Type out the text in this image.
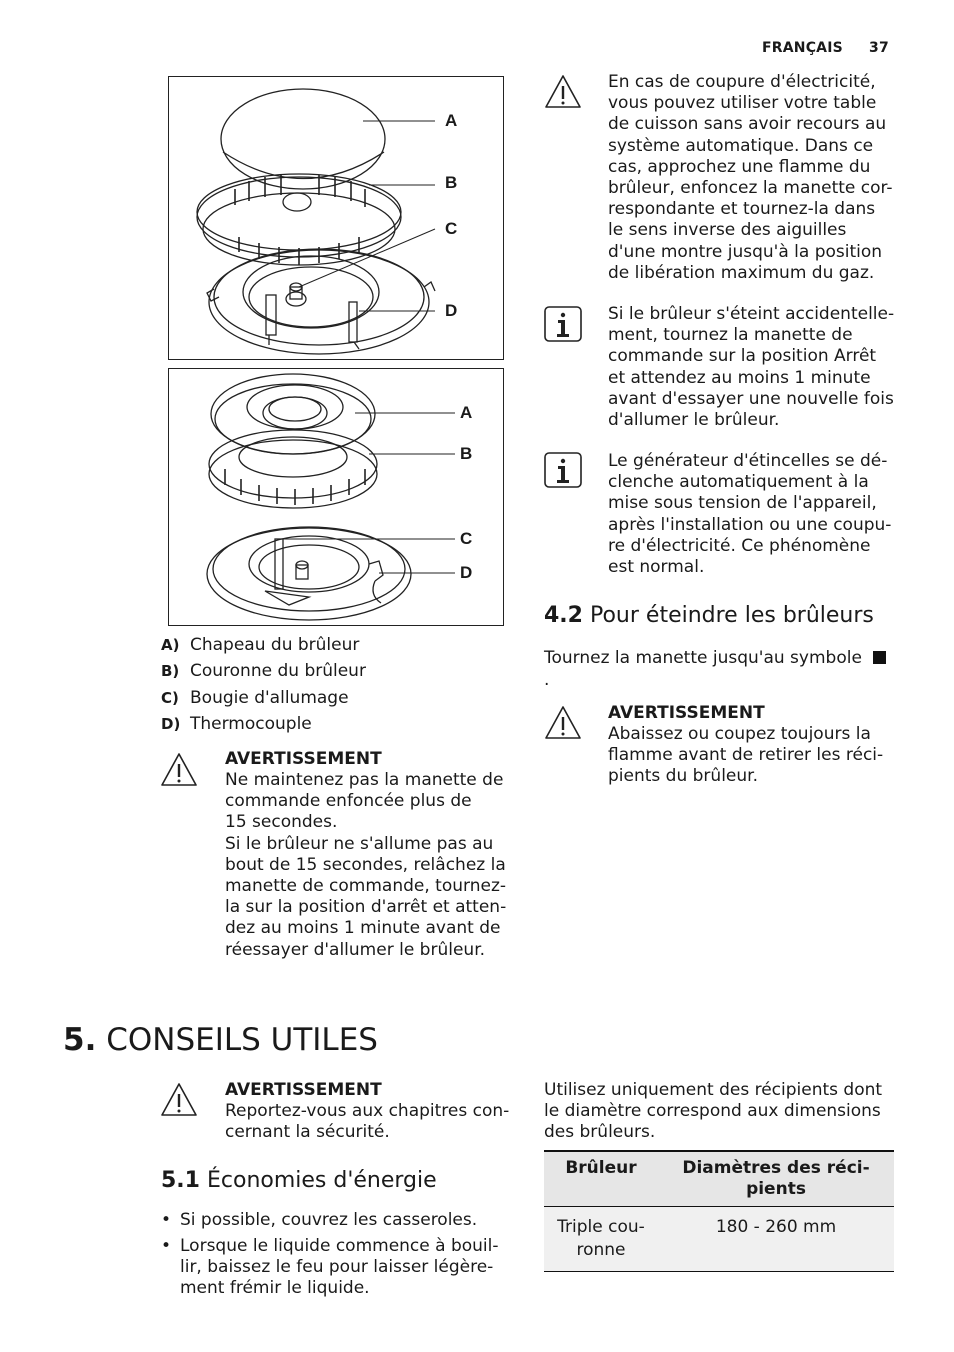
FRANÇAIS 37
A
B
C
D
A
B
C
D
A) Chapeau du brûleur
B) Couronne du brûleur
C) Bougie d'allumage
D) Thermocouple
AVERTISSEMENT
Ne maintenez pas la manette de
commande enfoncée plus de
15 secondes.
Si le brûleur ne s'allume pas au
bout de 15 secondes, relâchez la
manette de commande, tournez-
la sur la position d'arrêt et atten-
dez au moins 1 minute avant de
réessayer d'allumer le brûleur.
En cas de coupure d'électricité,
vous pouvez utiliser votre table
de cuisson sans avoir recours au
système automatique. Dans ce
cas, approchez une flamme du
brûleur, enfoncez la manette cor-
respondante et tournez-la dans
le sens inverse des aiguilles
d'une montre jusqu'à la position
de libération maximum du gaz.
Si le brûleur s'éteint accidentelle-
ment, tournez la manette de
commande sur la position Arrêt
et attendez au moins 1 minute
avant d'essayer une nouvelle fois
d'allumer le brûleur.
Le générateur d'étincelles se dé-
clenche automatiquement à la
mise sous tension de l'appareil,
après l'installation ou une coupu-
re d'électricité. Ce phénomène
est normal.
4.2 Pour éteindre les brûleurs
Tournez la manette jusqu'au symbole
.
AVERTISSEMENT
Abaissez ou coupez toujours la
flamme avant de retirer les réci-
pients du brûleur.
5. CONSEILS UTILES
AVERTISSEMENT
Reportez-vous aux chapitres con-
cernant la sécurité.
5.1 Économies d'énergie
• Si possible, couvrez les casseroles.
• Lorsque le liquide commence à bouil-
lir, baissez le feu pour laisser légère-
ment frémir le liquide.
Utilisez uniquement des récipients dont
le diamètre correspond aux dimensions
des brûleurs.
Brûleur	Diamètres des réci-
pients
Triple cou-
ronne	180 - 260 mm
